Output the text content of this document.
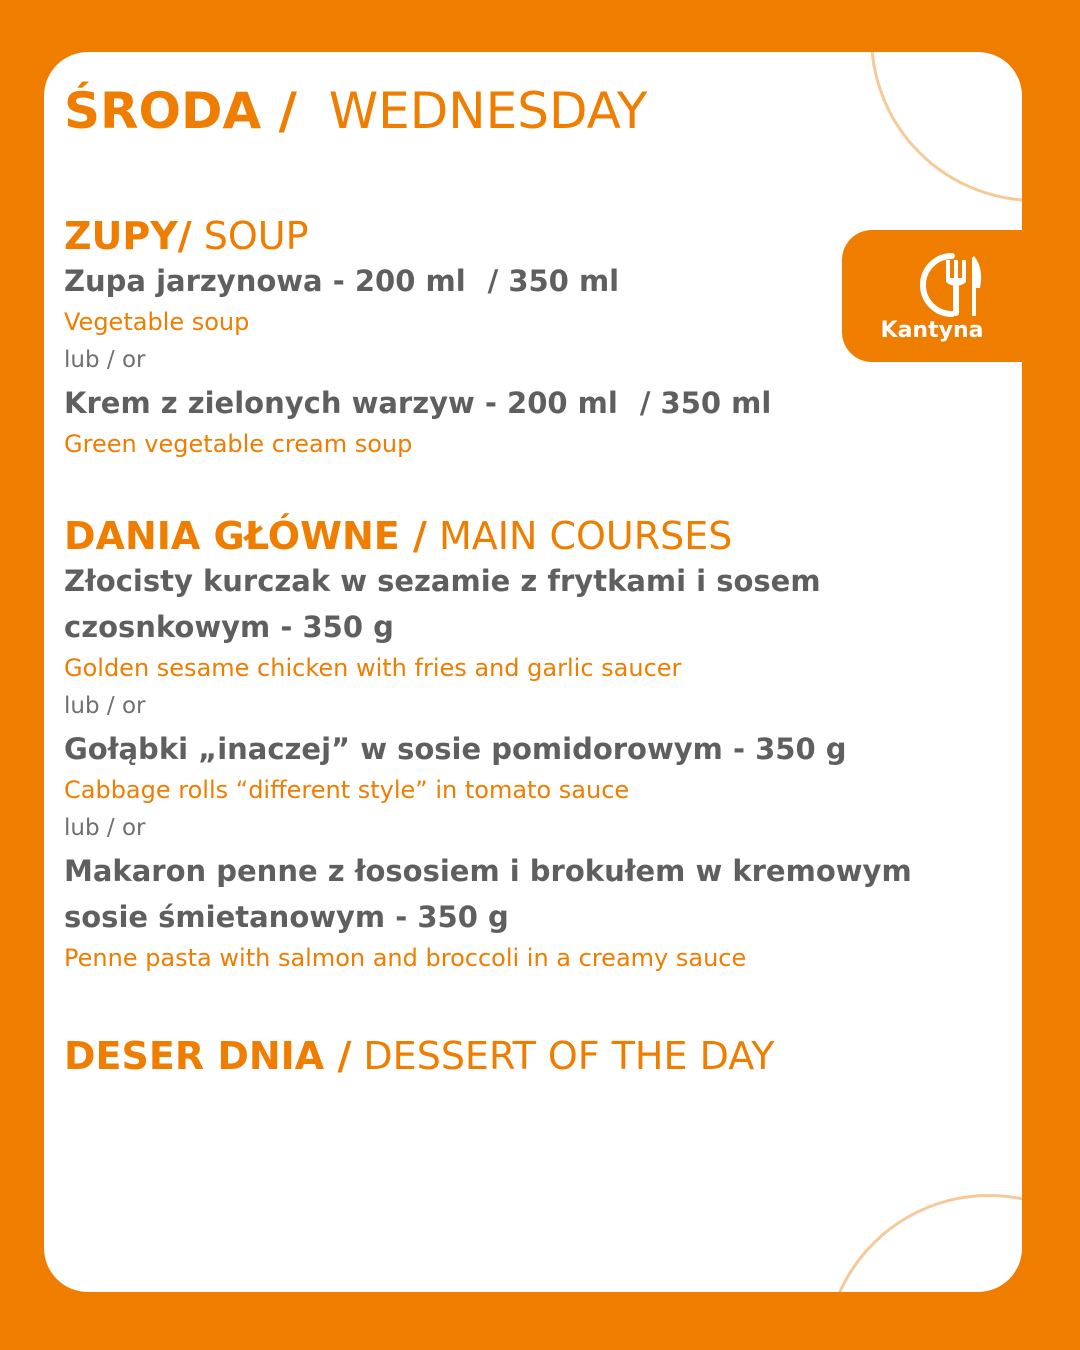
Kantyna
ŚRODA / WEDNESDAY
ZUPY/ SOUP

Zupa jarzynowa - 200 ml / 350 ml

Vegetable soup

lub / or

Krem z zielonych warzyw - 200 ml / 350 ml

Green vegetable cream soup

DANIA GŁÓWNE / MAIN COURSES

Złocisty kurczak w sezamie z frytkami i sosem czosnkowym - 350 g

Golden sesame chicken with fries and garlic saucer

lub / or

Gołąbki „inaczej” w sosie pomidorowym - 350 g

Cabbage rolls “different style” in tomato sauce

lub / or

Makaron penne z łososiem i brokułem w kremowym sosie śmietanowym - 350 g

Penne pasta with salmon and broccoli in a creamy sauce

DESER DNIA / DESSERT OF THE DAY
